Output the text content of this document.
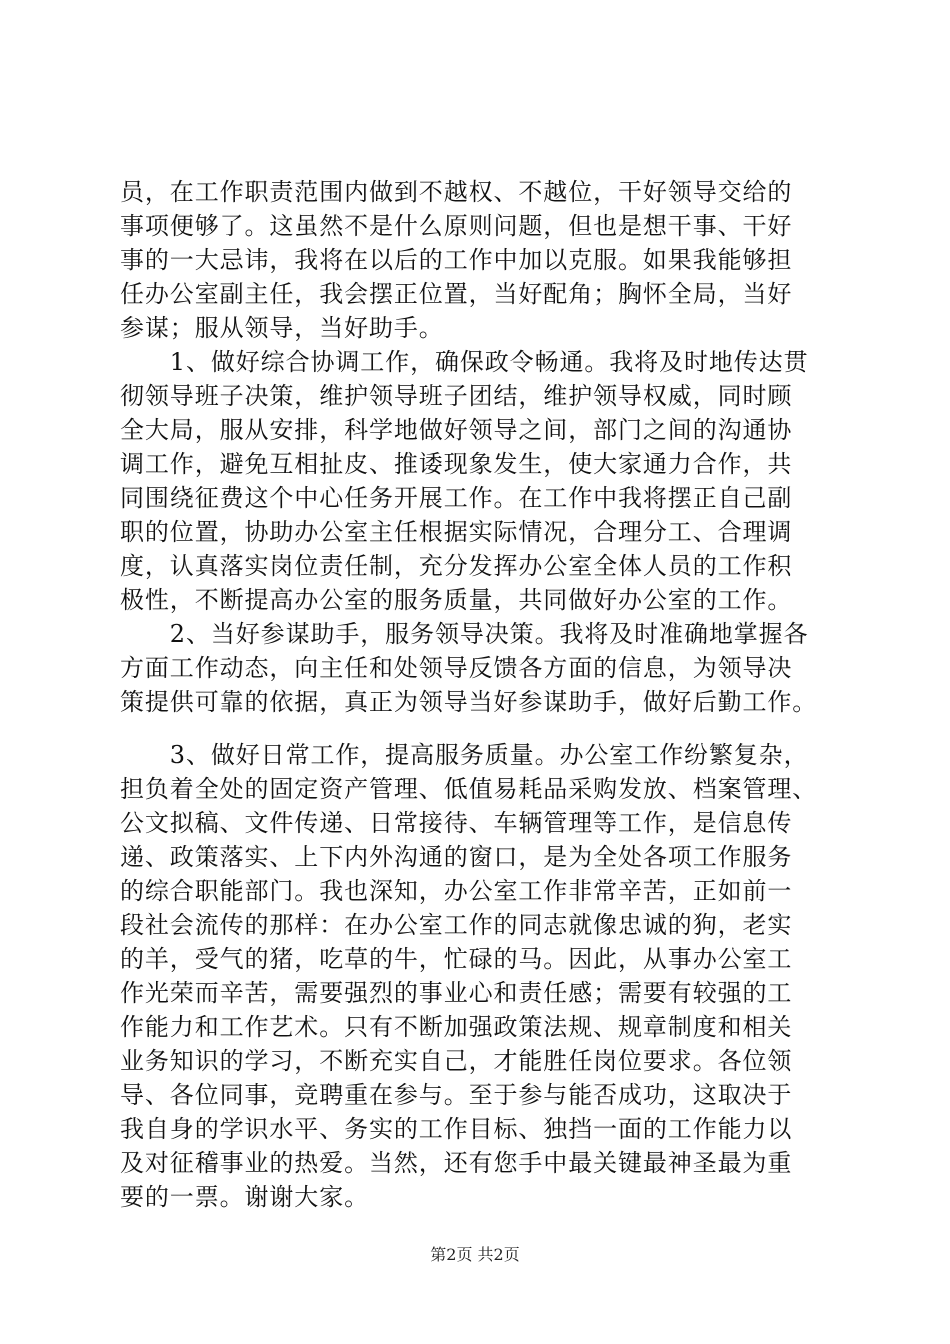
员，在工作职责范围内做到不越权、不越位，干好领导交给的
事项便够了。这虽然不是什么原则问题，但也是想干事、干好
事的一大忌讳，我将在以后的工作中加以克服。如果我能够担
任办公室副主任，我会摆正位置，当好配角；胸怀全局，当好
参谋；服从领导，当好助手。
　　1、做好综合协调工作，确保政令畅通。我将及时地传达贯
彻领导班子决策，维护领导班子团结，维护领导权威，同时顾
全大局，服从安排，科学地做好领导之间，部门之间的沟通协
调工作，避免互相扯皮、推诿现象发生，使大家通力合作，共
同围绕征费这个中心任务开展工作。在工作中我将摆正自己副
职的位置，协助办公室主任根据实际情况，合理分工、合理调
度，认真落实岗位责任制，充分发挥办公室全体人员的工作积
极性，不断提高办公室的服务质量，共同做好办公室的工作。
　　2、当好参谋助手，服务领导决策。我将及时准确地掌握各
方面工作动态，向主任和处领导反馈各方面的信息，为领导决
策提供可靠的依据，真正为领导当好参谋助手，做好后勤工作。
　　3、做好日常工作，提高服务质量。办公室工作纷繁复杂，
担负着全处的固定资产管理、低值易耗品采购发放、档案管理、
公文拟稿、文件传递、日常接待、车辆管理等工作，是信息传
递、政策落实、上下内外沟通的窗口，是为全处各项工作服务
的综合职能部门。我也深知，办公室工作非常辛苦，正如前一
段社会流传的那样：在办公室工作的同志就像忠诚的狗，老实
的羊，受气的猪，吃草的牛，忙碌的马。因此，从事办公室工
作光荣而辛苦，需要强烈的事业心和责任感；需要有较强的工
作能力和工作艺术。只有不断加强政策法规、规章制度和相关
业务知识的学习，不断充实自己，才能胜任岗位要求。各位领
导、各位同事，竞聘重在参与。至于参与能否成功，这取决于
我自身的学识水平、务实的工作目标、独挡一面的工作能力以
及对征稽事业的热爱。当然，还有您手中最关键最神圣最为重
要的一票。谢谢大家。
第2页 共2页
